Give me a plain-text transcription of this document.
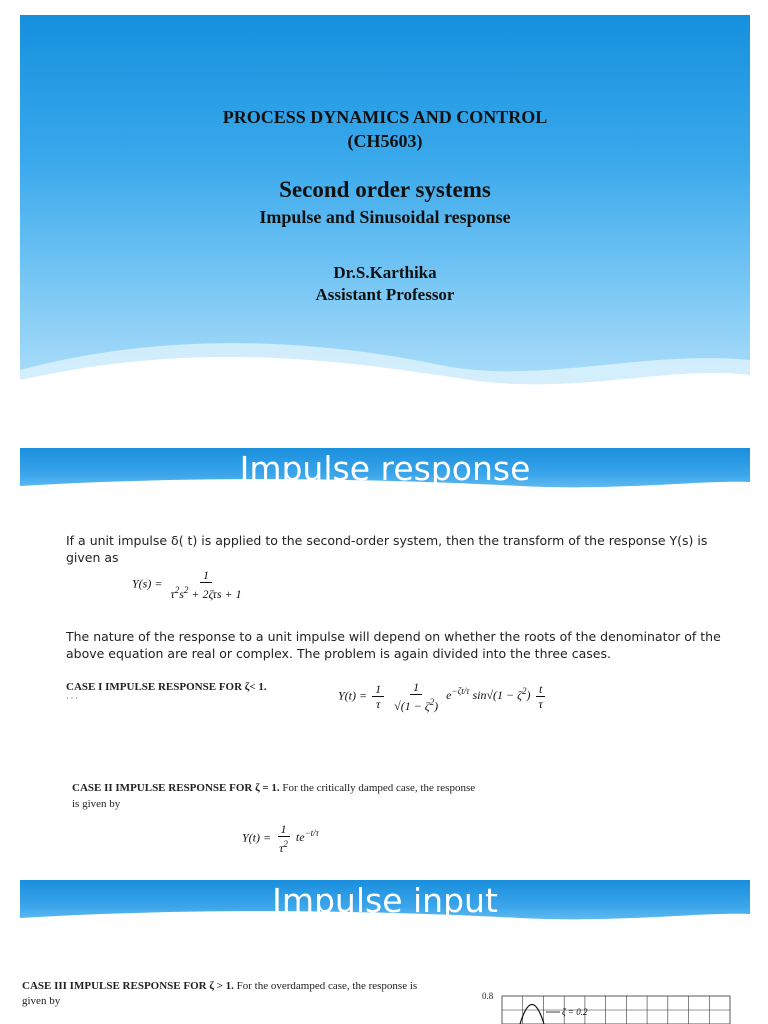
PROCESS DYNAMICS AND CONTROL
(CH5603)
Second order systems
Impulse and Sinusoidal response
Dr.S.Karthika
Assistant Professor
Impulse response
If a unit impulse δ( t) is applied to the second-order system, then the transform of the response Y(s) is given as
$Y(s) = \frac{1}{\tau^2s^2 + 2\zeta\tau s + 1}$
The nature of the response to a unit impulse will depend on whether the roots of the denominator of the above equation are real or complex. The problem is again divided into the three cases.
CASE I IMPULSE RESPONSE FOR ζ< 1.
· · ·	$Y(t) = \frac{1}{\tau}$
$\frac{1}{√(1 - \zeta^2)} e^{-\zeta t/\tau}$ $\sin√(1 - \zeta^2) \frac{t}{\tau}$
CASE II IMPULSE RESPONSE FOR ζ = 1. For the critically damped case, the response
is given by
$Y(t) = \frac{1}{\tau^2} te^{-t/\tau}$
Impulse input
CASE III IMPULSE RESPONSE FOR ζ > 1. For the overdamped case, the response is
given by	0.8
ζ = 0.2
